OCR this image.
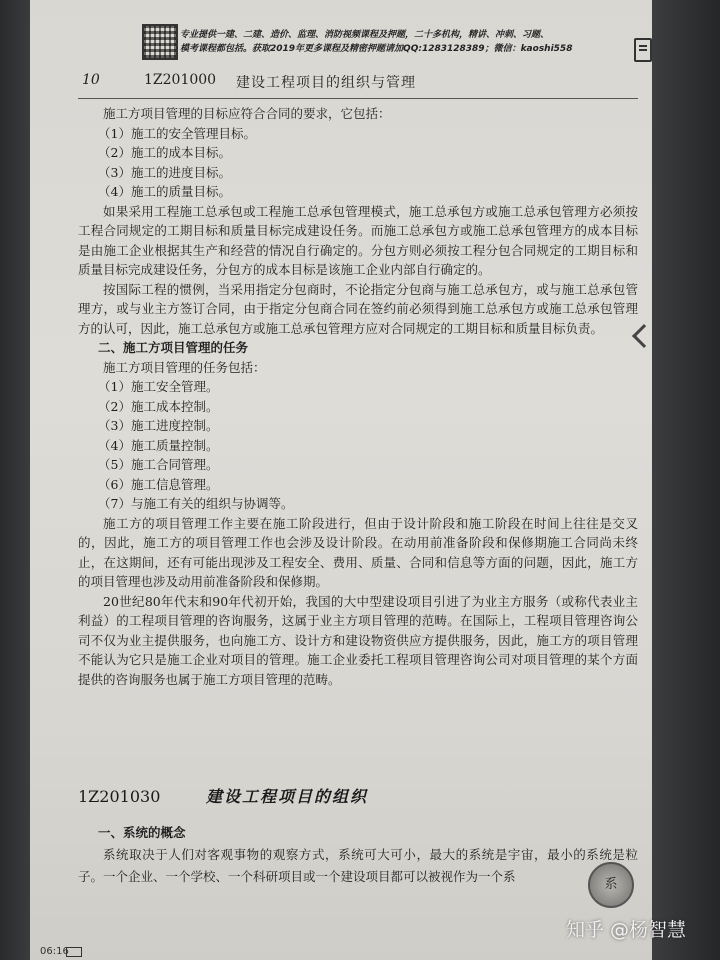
专业提供一建、二建、造价、监理、消防视频课程及押题，二十多机构，精讲、冲刺、习题、
模考课程都包括。获取2019年更多课程及精密押题请加QQ:1283128389；微信：kaoshi558
10	1Z201000 建设工程项目的组织与管理

施工方项目管理的目标应符合合同的要求，它包括：

（1）施工的安全管理目标。
（2）施工的成本目标。
（3）施工的进度目标。
（4）施工的质量目标。

如果采用工程施工总承包或工程施工总承包管理模式，施工总承包方或施工总承包管理方必须按工程合同规定的工期目标和质量目标完成建设任务。而施工总承包方或施工总承包管理方的成本目标是由施工企业根据其生产和经营的情况自行确定的。分包方则必须按工程分包合同规定的工期目标和质量目标完成建设任务，分包方的成本目标是该施工企业内部自行确定的。

按国际工程的惯例，当采用指定分包商时，不论指定分包商与施工总承包方，或与施工总承包管理方，或与业主方签订合同，由于指定分包商合同在签约前必须得到施工总承包方或施工总承包管理方的认可，因此，施工总承包方或施工总承包管理方应对合同规定的工期目标和质量目标负责。

二、施工方项目管理的任务

施工方项目管理的任务包括：

（1）施工安全管理。
（2）施工成本控制。
（3）施工进度控制。
（4）施工质量控制。
（5）施工合同管理。
（6）施工信息管理。
（7）与施工有关的组织与协调等。

施工方的项目管理工作主要在施工阶段进行，但由于设计阶段和施工阶段在时间上往往是交叉的，因此，施工方的项目管理工作也会涉及设计阶段。在动用前准备阶段和保修期施工合同尚未终止，在这期间，还有可能出现涉及工程安全、费用、质量、合同和信息等方面的问题，因此，施工方的项目管理也涉及动用前准备阶段和保修期。

20世纪80年代末和90年代初开始，我国的大中型建设项目引进了为业主方服务（或称代表业主利益）的工程项目管理的咨询服务，这属于业主方项目管理的范畴。在国际上，工程项目管理咨询公司不仅为业主提供服务，也向施工方、设计方和建设物资供应方提供服务，因此，施工方的项目管理不能认为它只是施工企业对项目的管理。施工企业委托工程项目管理咨询公司对项目管理的某个方面提供的咨询服务也属于施工方项目管理的范畴。

1Z201030	建设工程项目的组织
一、系统的概念

系统取决于人们对客观事物的观察方式，系统可大可小，最大的系统是宇宙，最小的系统是粒子。一个企业、一个学校、一个科研项目或一个建设项目都可以被视作为一个系

系
06:16
知乎 @杨智慧
